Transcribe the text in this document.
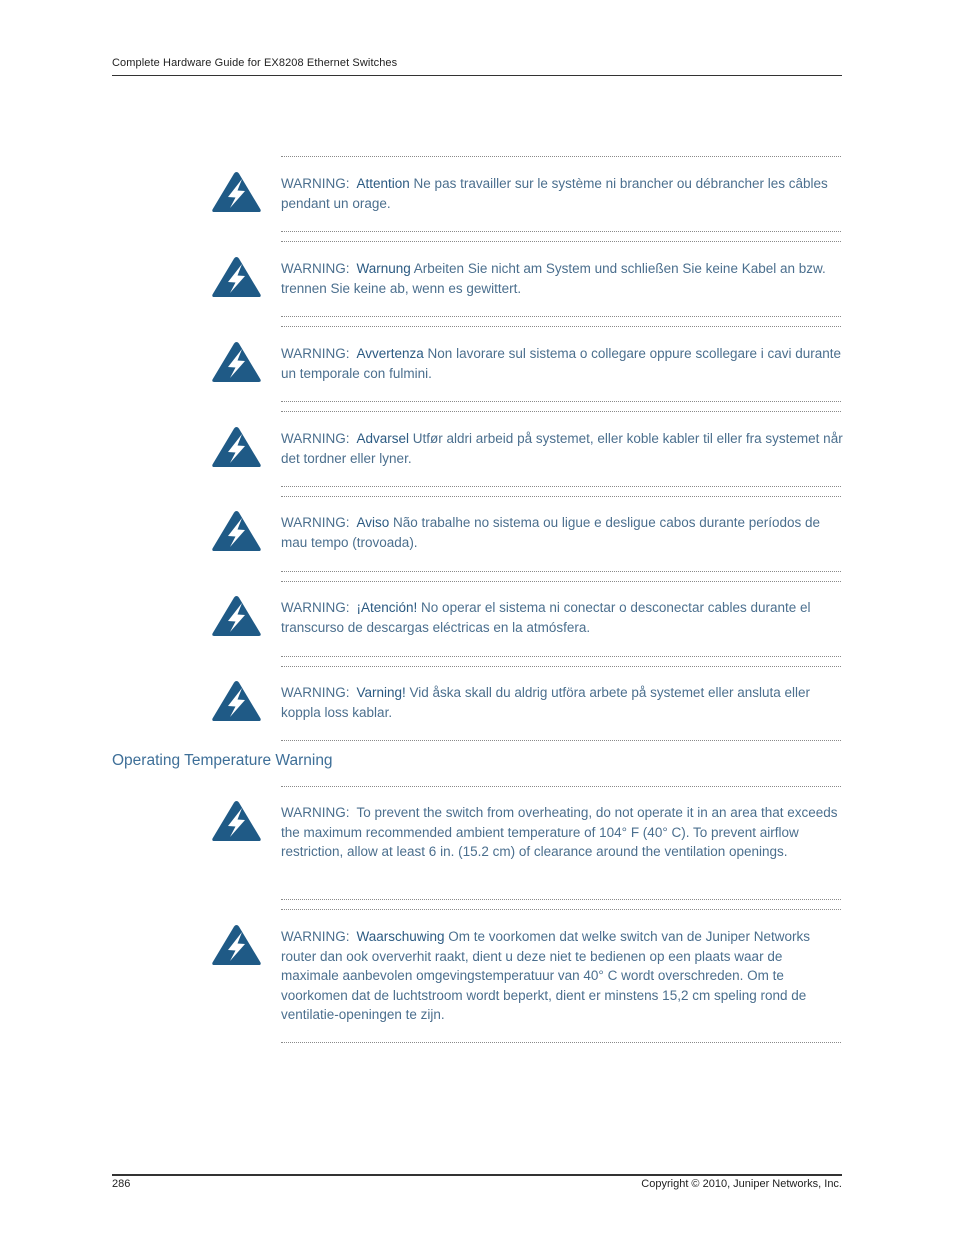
Complete Hardware Guide for EX8208 Ethernet Switches
WARNING: Attention Ne pas travailler sur le système ni brancher ou débrancher les câbles pendant un orage.
WARNING: Warnung Arbeiten Sie nicht am System und schließen Sie keine Kabel an bzw. trennen Sie keine ab, wenn es gewittert.
WARNING: Avvertenza Non lavorare sul sistema o collegare oppure scollegare i cavi durante un temporale con fulmini.
WARNING: Advarsel Utfør aldri arbeid på systemet, eller koble kabler til eller fra systemet når det tordner eller lyner.
WARNING: Aviso Não trabalhe no sistema ou ligue e desligue cabos durante períodos de mau tempo (trovoada).
WARNING: ¡Atención! No operar el sistema ni conectar o desconectar cables durante el transcurso de descargas eléctricas en la atmósfera.
WARNING: Varning! Vid åska skall du aldrig utföra arbete på systemet eller ansluta eller koppla loss kablar.
Operating Temperature Warning
WARNING: To prevent the switch from overheating, do not operate it in an area that exceeds the maximum recommended ambient temperature of 104° F (40° C). To prevent airflow restriction, allow at least 6 in. (15.2 cm) of clearance around the ventilation openings.
WARNING: Waarschuwing Om te voorkomen dat welke switch van de Juniper Networks router dan ook oververhit raakt, dient u deze niet te bedienen op een plaats waar de maximale aanbevolen omgevingstemperatuur van 40° C wordt overschreden. Om te voorkomen dat de luchtstroom wordt beperkt, dient er minstens 15,2 cm speling rond de ventilatie-openingen te zijn.
286	Copyright © 2010, Juniper Networks, Inc.
